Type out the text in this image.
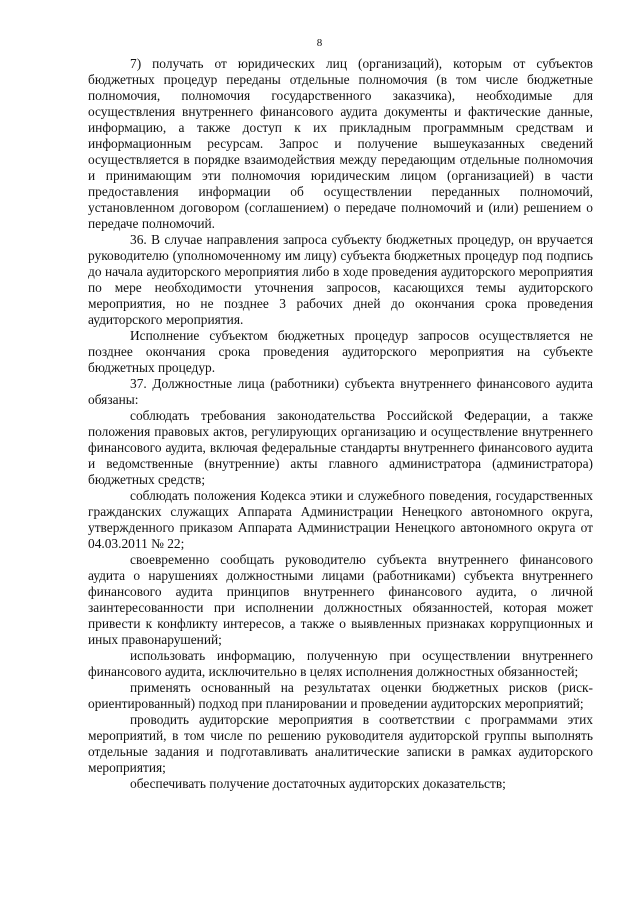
8

7) получать от юридических лиц (организаций), которым от субъектов бюджетных процедур переданы отдельные полномочия (в том числе бюджетные полномочия, полномочия государственного заказчика), необходимые для осуществления внутреннего финансового аудита документы и фактические данные, информацию, а также доступ к их прикладным программным средствам и информационным ресурсам. Запрос и получение вышеуказанных сведений осуществляется в порядке взаимодействия между передающим отдельные полномочия и принимающим эти полномочия юридическим лицом (организацией) в части предоставления информации об осуществлении переданных полномочий, установленном договором (соглашением) о передаче полномочий и (или) решением о передаче полномочий.

36. В случае направления запроса субъекту бюджетных процедур, он вручается руководителю (уполномоченному им лицу) субъекта бюджетных процедур под подпись до начала аудиторского мероприятия либо в ходе проведения аудиторского мероприятия по мере необходимости уточнения запросов, касающихся темы аудиторского мероприятия, но не позднее 3 рабочих дней до окончания срока проведения аудиторского мероприятия.

Исполнение субъектом бюджетных процедур запросов осуществляется не позднее окончания срока проведения аудиторского мероприятия на субъекте бюджетных процедур.

37. Должностные лица (работники) субъекта внутреннего финансового аудита обязаны:

соблюдать требования законодательства Российской Федерации, а также положения правовых актов, регулирующих организацию и осуществление внутреннего финансового аудита, включая федеральные стандарты внутреннего финансового аудита и ведомственные (внутренние) акты главного администратора (администратора) бюджетных средств;

соблюдать положения Кодекса этики и служебного поведения, государственных гражданских служащих Аппарата Администрации Ненецкого автономного округа, утвержденного приказом Аппарата Администрации Ненецкого автономного округа от 04.03.2011 № 22;

своевременно сообщать руководителю субъекта внутреннего финансового аудита о нарушениях должностными лицами (работниками) субъекта внутреннего финансового аудита принципов внутреннего финансового аудита, о личной заинтересованности при исполнении должностных обязанностей, которая может привести к конфликту интересов, а также о выявленных признаках коррупционных и иных правонарушений;

использовать информацию, полученную при осуществлении внутреннего финансового аудита, исключительно в целях исполнения должностных обязанностей;

применять основанный на результатах оценки бюджетных рисков (риск-ориентированный) подход при планировании и проведении аудиторских мероприятий;

проводить аудиторские мероприятия в соответствии с программами этих мероприятий, в том числе по решению руководителя аудиторской группы выполнять отдельные задания и подготавливать аналитические записки в рамках аудиторского мероприятия;

обеспечивать получение достаточных аудиторских доказательств;
